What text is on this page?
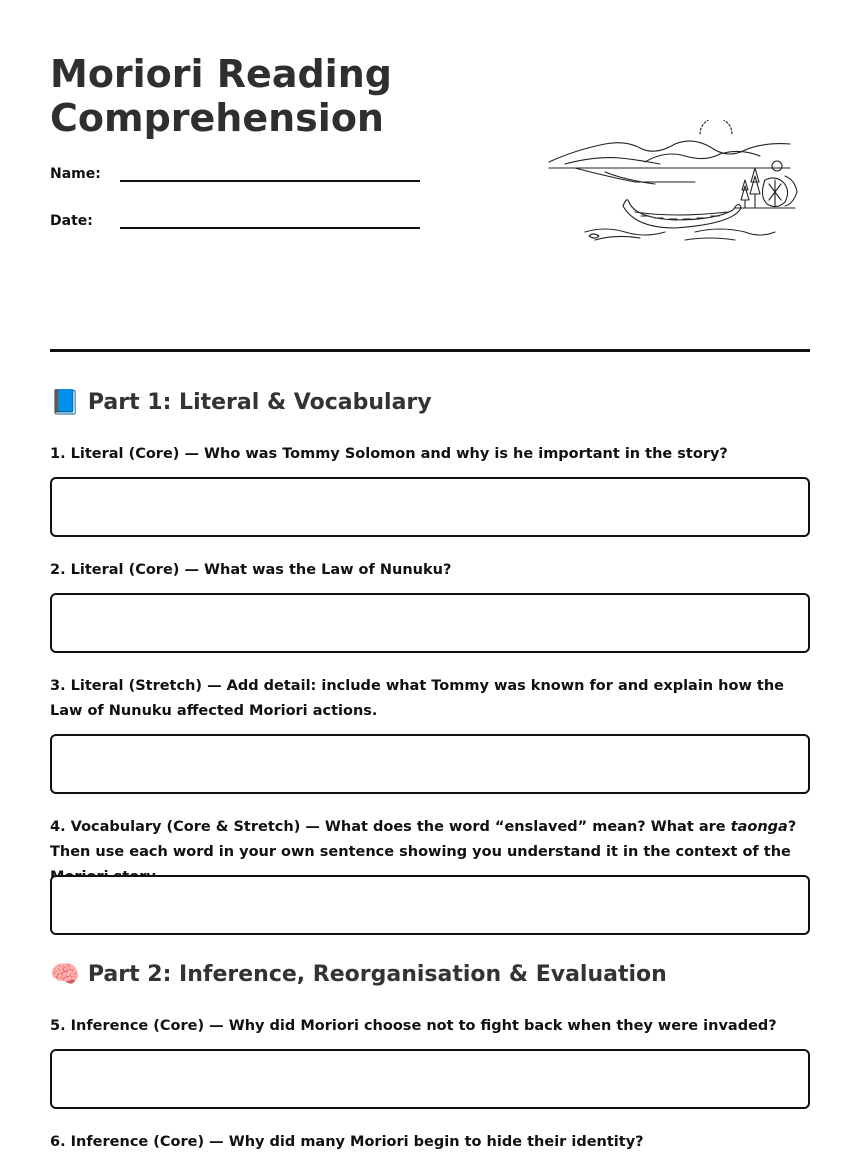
Moriori Reading Comprehension
Name:
Date:
📘 Part 1: Literal & Vocabulary

1. Literal (Core) — Who was Tommy Solomon and why is he important in the story?

2. Literal (Core) — What was the Law of Nunuku?

3. Literal (Stretch) — Add detail: include what Tommy was known for and explain how the Law of Nunuku affected Moriori actions.

4. Vocabulary (Core & Stretch) — What does the word “enslaved” mean? What are taonga? Then use each word in your own sentence showing you understand it in the context of the

🧠 Part 2: Inference, Reorganisation & Evaluation

5. Inference (Core) — Why did Moriori choose not to fight back when they were invaded?

6. Inference (Core) — Why did many Moriori begin to hide their identity?
